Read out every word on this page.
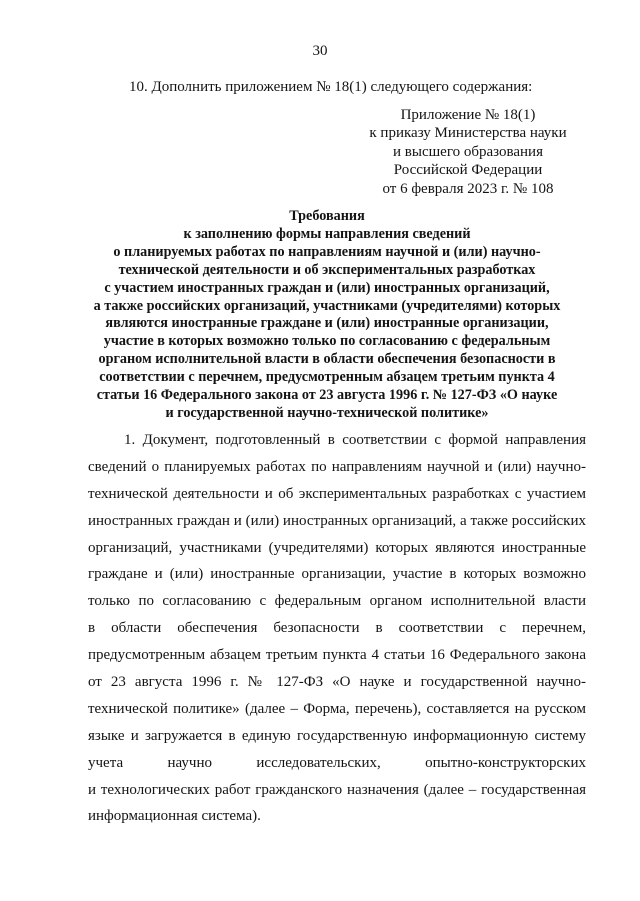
30
10. Дополнить приложением № 18(1) следующего содержания:
Приложение № 18(1)
к приказу Министерства науки
и высшего образования
Российской Федерации
от 6 февраля 2023 г. № 108
Требования
к заполнению формы направления сведений
о планируемых работах по направлениям научной и (или) научно-
технической деятельности и об экспериментальных разработках
с участием иностранных граждан и (или) иностранных организаций,
а также российских организаций, участниками (учредителями) которых
являются иностранные граждане и (или) иностранные организации,
участие в которых возможно только по согласованию с федеральным
органом исполнительной власти в области обеспечения безопасности в
соответствии с перечнем, предусмотренным абзацем третьим пункта 4
статьи 16 Федерального закона от 23 августа 1996 г. № 127-ФЗ «О науке
и государственной научно-технической политике»
1. Документ, подготовленный в соответствии с формой направления
сведений о планируемых работах по направлениям научной и (или) научно-
технической деятельности и об экспериментальных разработках с участием
иностранных граждан и (или) иностранных организаций, а также российских
организаций, участниками (учредителями) которых являются иностранные
граждане и (или) иностранные организации, участие в которых возможно
только по согласованию с федеральным органом исполнительной власти
в области обеспечения безопасности в соответствии с перечнем,
предусмотренным абзацем третьим пункта 4 статьи 16 Федерального закона
от 23 августа 1996 г. № 127-ФЗ «О науке и государственной научно-
технической политике» (далее – Форма, перечень), составляется на русском
языке и загружается в единую государственную информационную систему
учета научно исследовательских, опытно-конструкторских
и технологических работ гражданского назначения (далее – государственная
информационная система).
